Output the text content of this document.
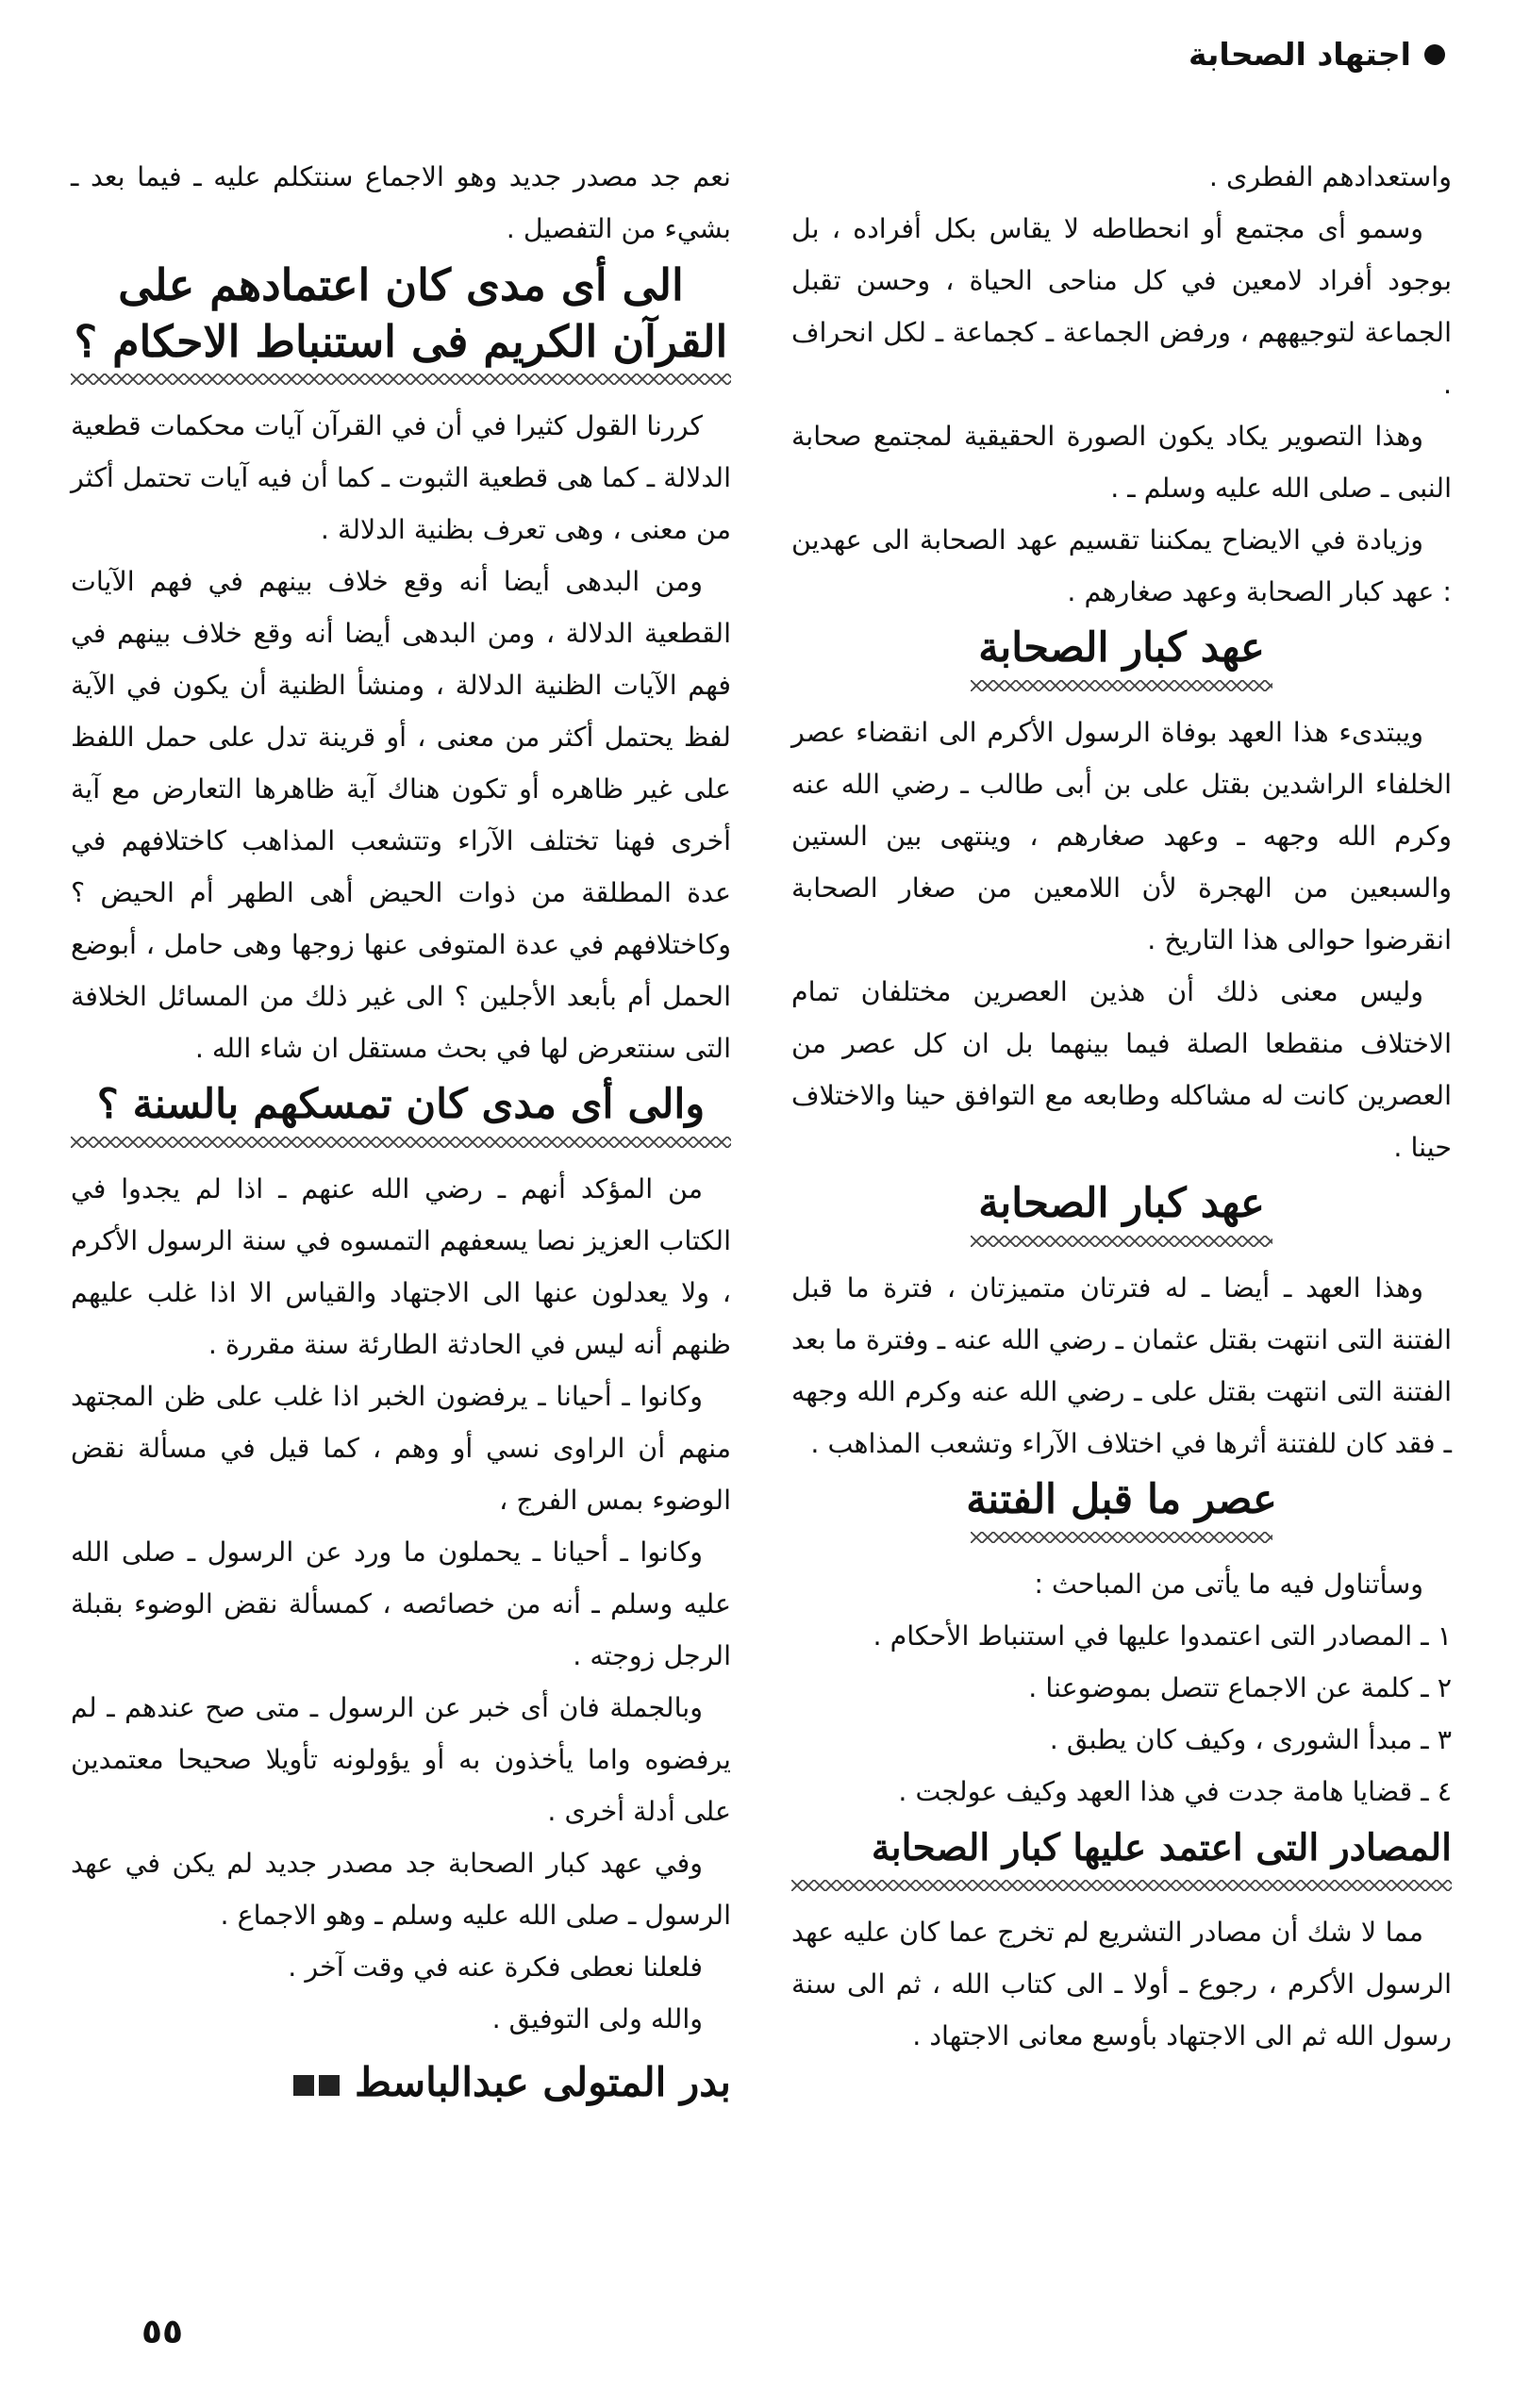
اجتهاد الصحابة

واستعدادهم الفطرى .

وسمو أى مجتمع أو انحطاطه لا يقاس بكل أفراده ، بل بوجود أفراد لامعين في كل مناحى الحياة ، وحسن تقبل الجماعة لتوجيههم ، ورفض الجماعة ـ كجماعة ـ لكل انحراف .

وهذا التصوير يكاد يكون الصورة الحقيقية لمجتمع صحابة النبى ـ صلى الله عليه وسلم ـ .

وزيادة في الايضاح يمكننا تقسيم عهد الصحابة الى عهدين : عهد كبار الصحابة وعهد صغارهم .

عهد كبار الصحابة

ويبتدىء هذا العهد بوفاة الرسول الأكرم الى انقضاء عصر الخلفاء الراشدين بقتل على بن أبى طالب ـ رضي الله عنه وكرم الله وجهه ـ وعهد صغارهم ، وينتهى بين الستين والسبعين من الهجرة لأن اللامعين من صغار الصحابة انقرضوا حوالى هذا التاريخ .

وليس معنى ذلك أن هذين العصرين مختلفان تمام الاختلاف منقطعا الصلة فيما بينهما بل ان كل عصر من العصرين كانت له مشاكله وطابعه مع التوافق حينا والاختلاف حينا .

عهد كبار الصحابة

وهذا العهد ـ أيضا ـ له فترتان متميزتان ، فترة ما قبل الفتنة التى انتهت بقتل عثمان ـ رضي الله عنه ـ وفترة ما بعد الفتنة التى انتهت بقتل على ـ رضي الله عنه وكرم الله وجهه ـ فقد كان للفتنة أثرها في اختلاف الآراء وتشعب المذاهب .

عصر ما قبل الفتنة

وسأتناول فيه ما يأتى من المباحث :

١ ـ المصادر التى اعتمدوا عليها في استنباط الأحكام .

٢ ـ كلمة عن الاجماع تتصل بموضوعنا .

٣ ـ مبدأ الشورى ، وكيف كان يطبق .

٤ ـ قضايا هامة جدت في هذا العهد وكيف عولجت .

المصادر التى اعتمد عليها كبار الصحابة

مما لا شك أن مصادر التشريع لم تخرج عما كان عليه عهد الرسول الأكرم ، رجوع ـ أولا ـ الى كتاب الله ، ثم الى سنة رسول الله ثم الى الاجتهاد بأوسع معانى الاجتهاد .

نعم جد مصدر جديد وهو الاجماع سنتكلم عليه ـ فيما بعد ـ بشيء من التفصيل .

الى أى مدى كان اعتمادهم على القرآن الكريم فى استنباط الاحكام ؟

كررنا القول كثيرا في أن في القرآن آيات محكمات قطعية الدلالة ـ كما هى قطعية الثبوت ـ كما أن فيه آيات تحتمل أكثر من معنى ، وهى تعرف بظنية الدلالة .

ومن البدهى أيضا أنه وقع خلاف بينهم في فهم الآيات القطعية الدلالة ، ومن البدهى أيضا أنه وقع خلاف بينهم في فهم الآيات الظنية الدلالة ، ومنشأ الظنية أن يكون في الآية لفظ يحتمل أكثر من معنى ، أو قرينة تدل على حمل اللفظ على غير ظاهره أو تكون هناك آية ظاهرها التعارض مع آية أخرى فهنا تختلف الآراء وتتشعب المذاهب كاختلافهم في عدة المطلقة من ذوات الحيض أهى الطهر أم الحيض ؟ وكاختلافهم في عدة المتوفى عنها زوجها وهى حامل ، أبوضع الحمل أم بأبعد الأجلين ؟ الى غير ذلك من المسائل الخلافة التى سنتعرض لها في بحث مستقل ان شاء الله .

والى أى مدى كان تمسكهم بالسنة ؟

من المؤكد أنهم ـ رضي الله عنهم ـ اذا لم يجدوا في الكتاب العزيز نصا يسعفهم التمسوه في سنة الرسول الأكرم ، ولا يعدلون عنها الى الاجتهاد والقياس الا اذا غلب عليهم ظنهم أنه ليس في الحادثة الطارئة سنة مقررة .

وكانوا ـ أحيانا ـ يرفضون الخبر اذا غلب على ظن المجتهد منهم أن الراوى نسي أو وهم ، كما قيل في مسألة نقض الوضوء بمس الفرج ،

وكانوا ـ أحيانا ـ يحملون ما ورد عن الرسول ـ صلى الله عليه وسلم ـ أنه من خصائصه ، كمسألة نقض الوضوء بقبلة الرجل زوجته .

وبالجملة فان أى خبر عن الرسول ـ متى صح عندهم ـ لم يرفضوه واما يأخذون به أو يؤولونه تأويلا صحيحا معتمدين على أدلة أخرى .

وفي عهد كبار الصحابة جد مصدر جديد لم يكن في عهد الرسول ـ صلى الله عليه وسلم ـ وهو الاجماع .

فلعلنا نعطى فكرة عنه في وقت آخر .

والله ولى التوفيق .

بدر المتولى عبدالباسط
٥٥
